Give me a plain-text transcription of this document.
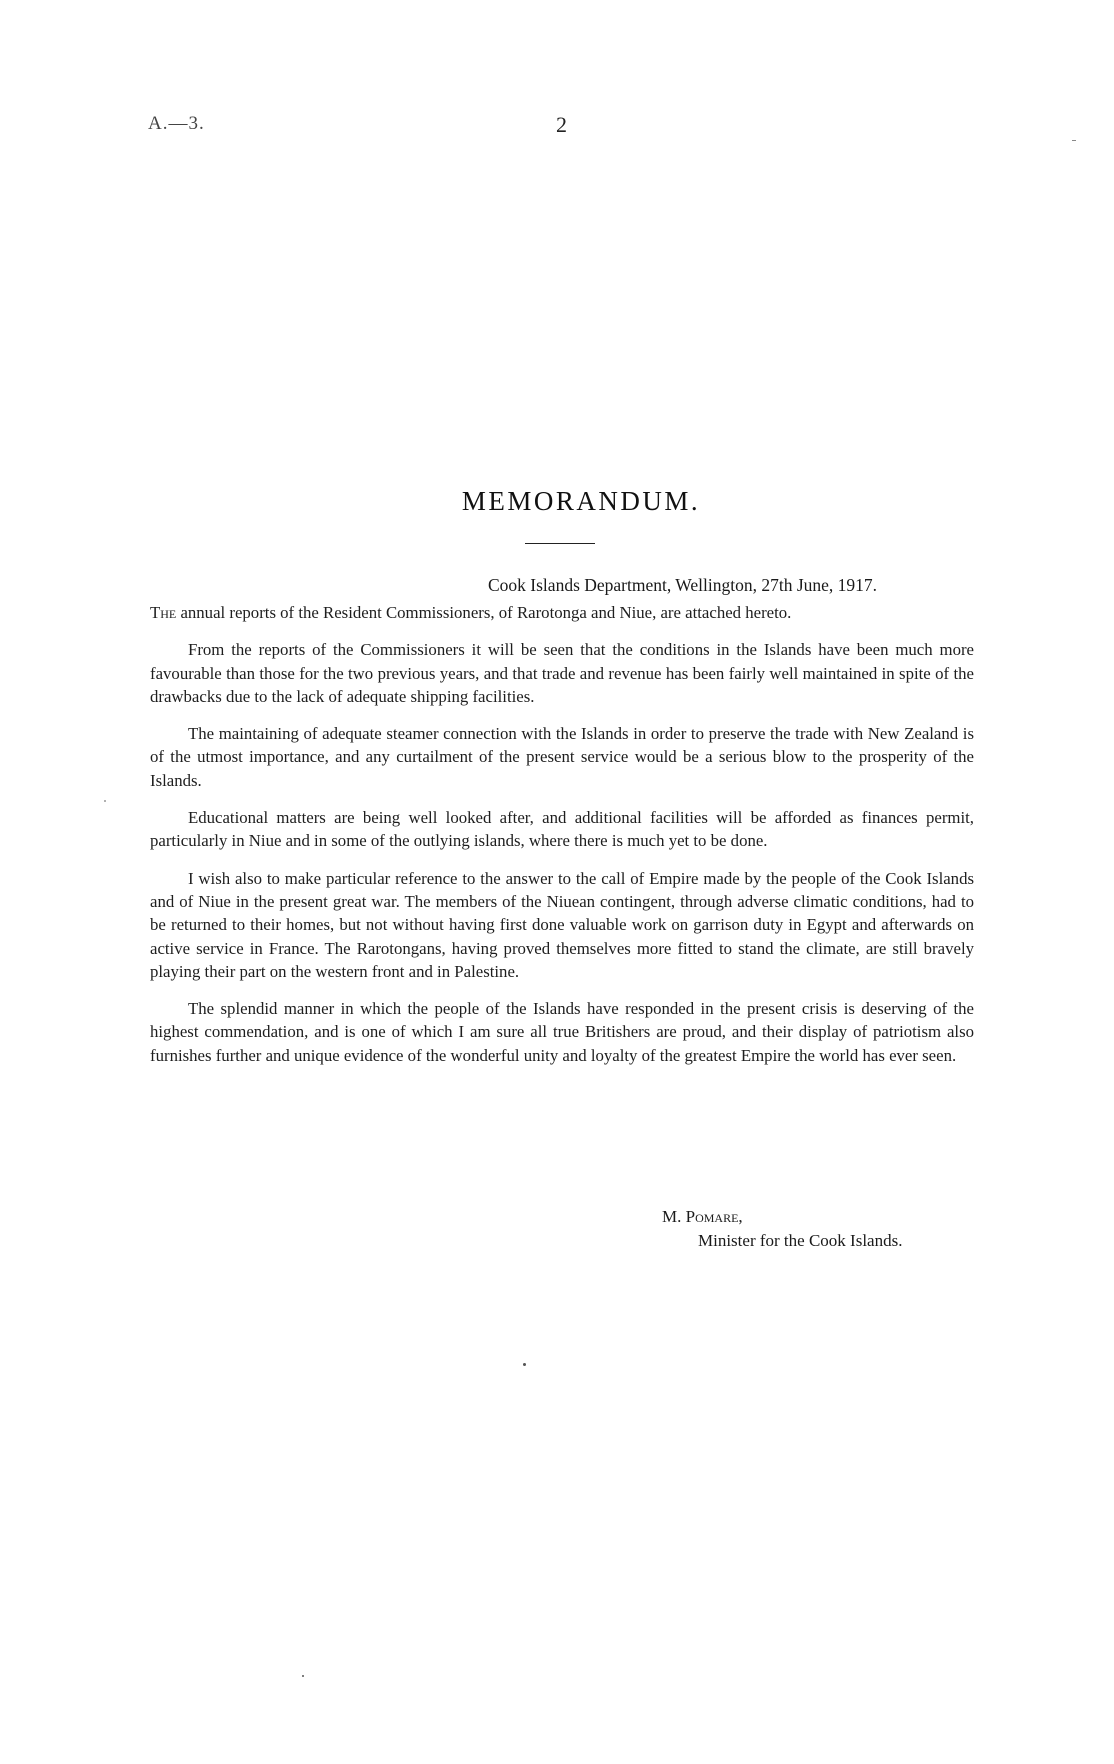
A.—3.	2
MEMORANDUM.
Cook Islands Department, Wellington, 27th June, 1917.

The annual reports of the Resident Commissioners, of Rarotonga and Niue, are attached hereto.

From the reports of the Commissioners it will be seen that the conditions in the Islands have been much more favourable than those for the two previous years, and that trade and revenue has been fairly well maintained in spite of the drawbacks due to the lack of adequate shipping facilities.

The maintaining of adequate steamer connection with the Islands in order to preserve the trade with New Zealand is of the utmost importance, and any curtailment of the present service would be a serious blow to the prosperity of the Islands.

Educational matters are being well looked after, and additional facilities will be afforded as finances permit, particularly in Niue and in some of the outlying islands, where there is much yet to be done.

I wish also to make particular reference to the answer to the call of Empire made by the people of the Cook Islands and of Niue in the present great war. The members of the Niuean contingent, through adverse climatic conditions, had to be returned to their homes, but not without having first done valuable work on garrison duty in Egypt and afterwards on active service in France. The Rarotongans, having proved themselves more fitted to stand the climate, are still bravely playing their part on the western front and in Palestine.

The splendid manner in which the people of the Islands have responded in the present crisis is deserving of the highest commendation, and is one of which I am sure all true Britishers are proud, and their display of patriotism also furnishes further and unique evidence of the wonderful unity and loyalty of the greatest Empire the world has ever seen.

M. Pomare,
Minister for the Cook Islands.
